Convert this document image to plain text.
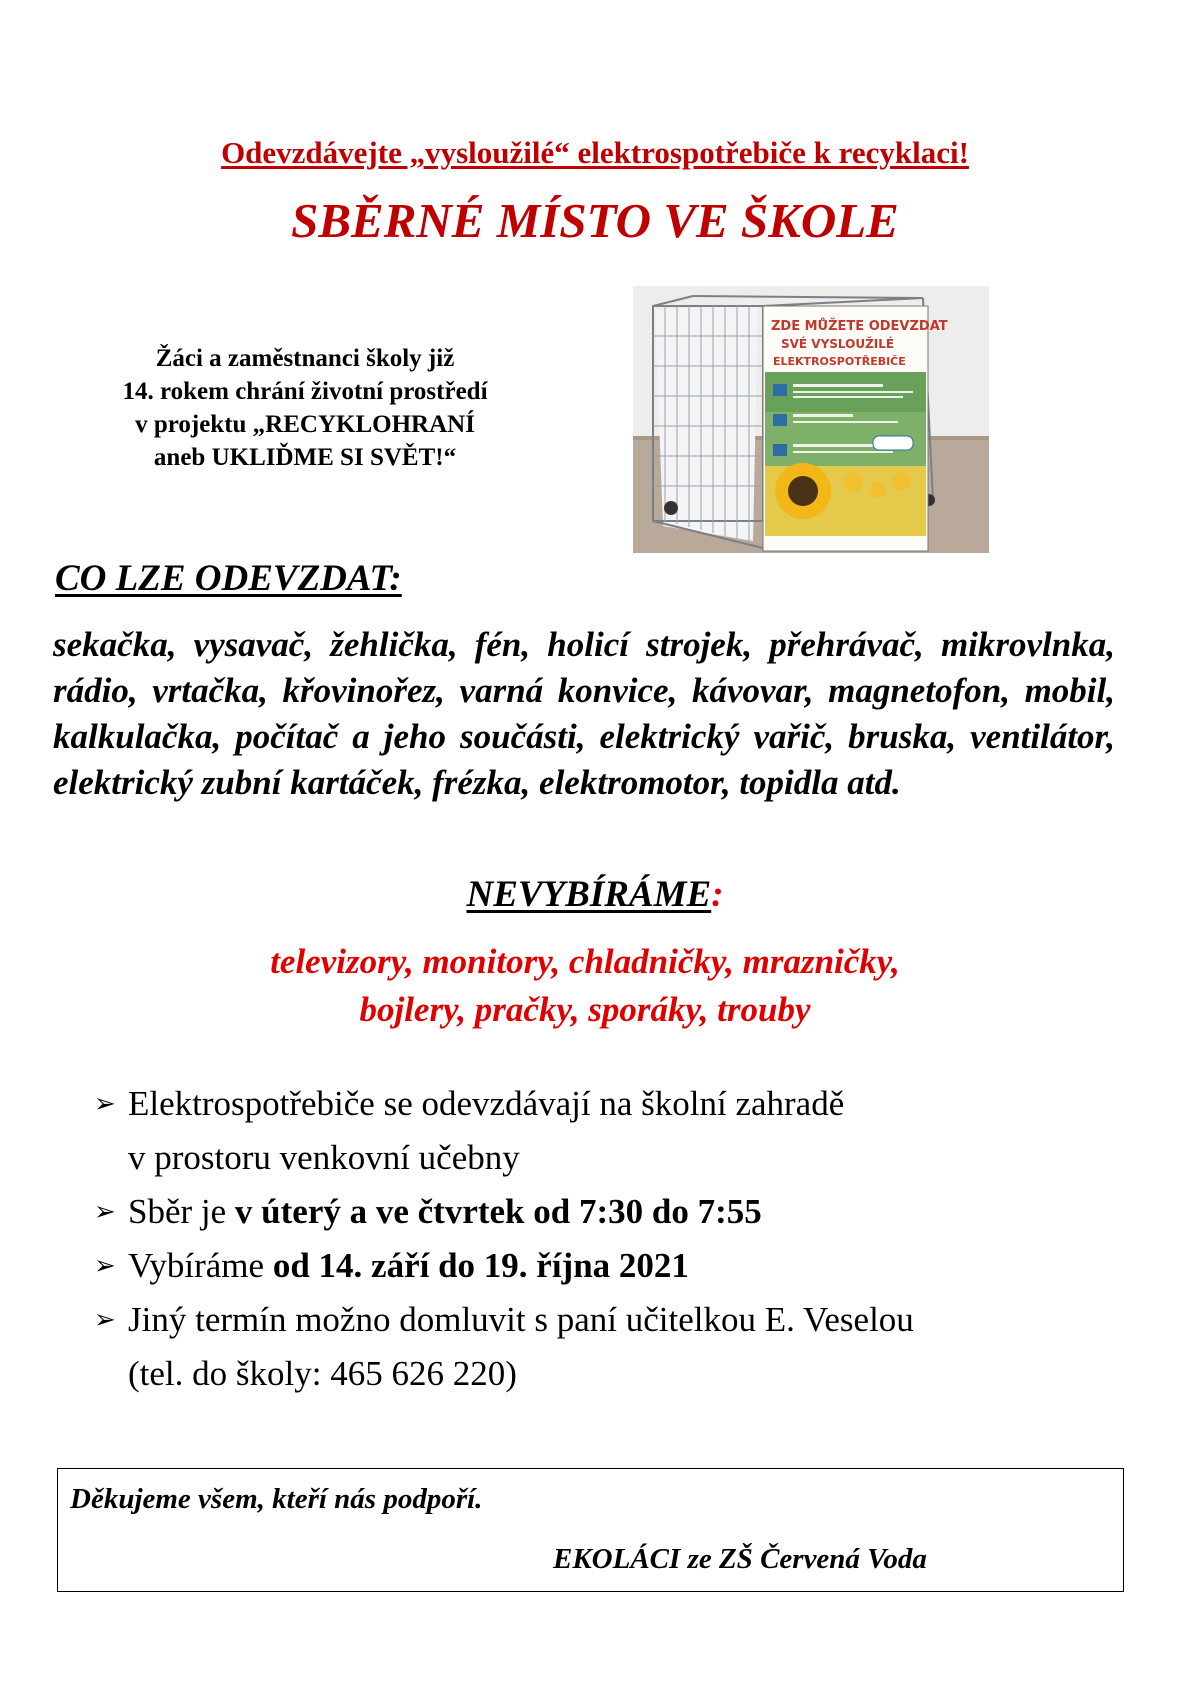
Odevzdávejte „vysloužilé“ elektrospotřebiče k recyklaci!
SBĚRNÉ MÍSTO VE ŠKOLE
Žáci a zaměstnanci školy již
14. rokem chrání životní prostředí
v projektu „RECYKLOHRANÍ
aneb UKLIĎME SI SVĚT!“
ZDE MŮŽETE ODEVZDAT
SVÉ VYSLOUŽILÉ
ELEKTROSPOTŘEBIČE
CO LZE ODEVZDAT:
sekačka, vysavač, žehlička, fén, holicí strojek, přehrávač, mikrovlnka, rádio, vrtačka, křovinořez, varná konvice, kávovar, magnetofon, mobil, kalkulačka, počítač a jeho součásti, elektrický vařič, bruska, ventilátor, elektrický zubní kartáček, frézka, elektromotor, topidla atd.
NEVYBÍRÁME:
televizory, monitory, chladničky, mrazničky,
bojlery, pračky, sporáky, trouby
➢ Elektrospotřebiče se odevzdávají na školní zahradě
v prostoru venkovní učebny
➢ Sběr je v úterý a ve čtvrtek od 7:30 do 7:55
➢ Vybíráme od 14. září do 19. října 2021
➢ Jiný termín možno domluvit s paní učitelkou E. Veselou
(tel. do školy: 465 626 220)
Děkujeme všem, kteří nás podpoří.
EKOLÁCI ze ZŠ Červená Voda
